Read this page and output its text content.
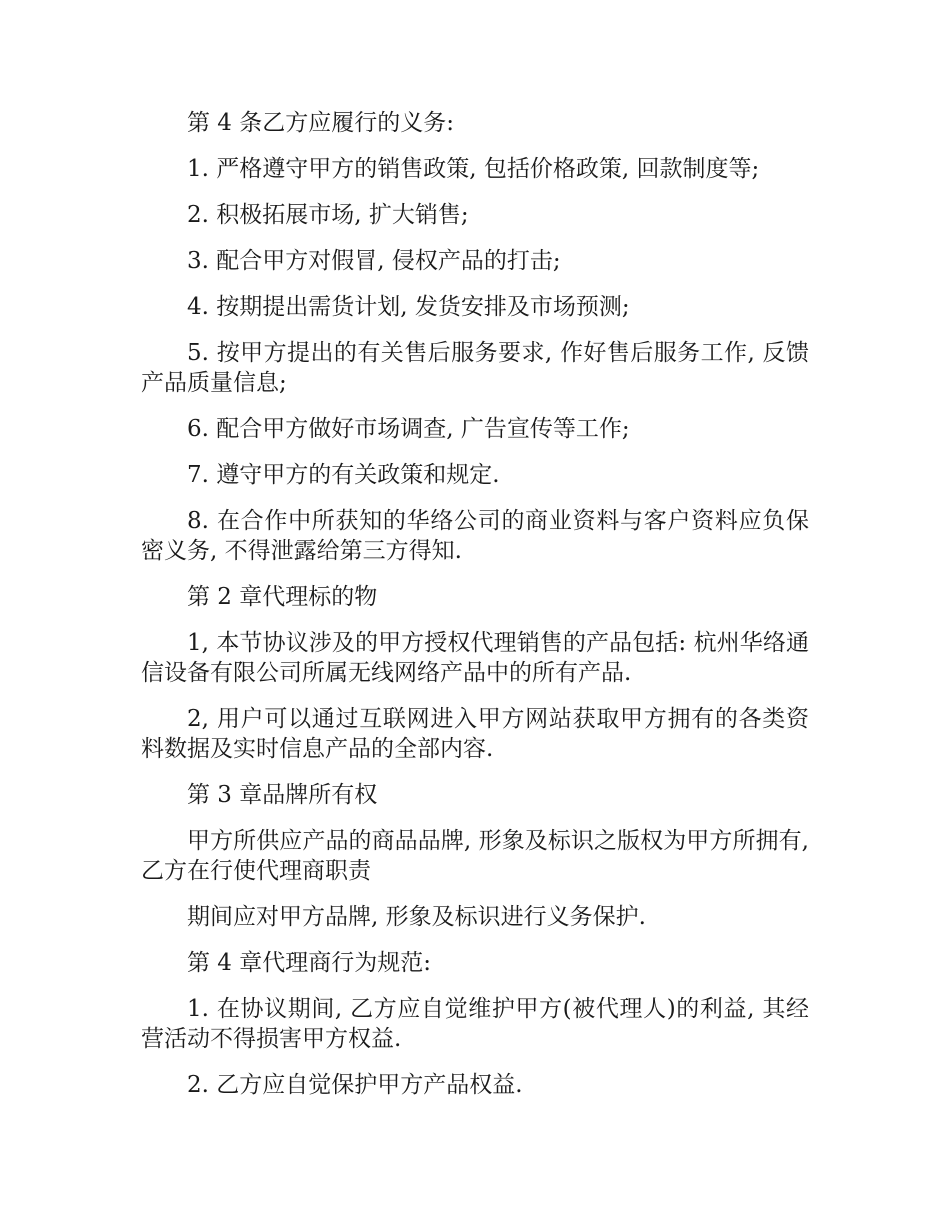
第 4 条乙方应履行的义务:

1. 严格遵守甲方的销售政策, 包括价格政策, 回款制度等;

2. 积极拓展市场, 扩大销售;

3. 配合甲方对假冒, 侵权产品的打击;

4. 按期提出需货计划, 发货安排及市场预测;

5. 按甲方提出的有关售后服务要求, 作好售后服务工作, 反馈产品质量信息;

6. 配合甲方做好市场调查, 广告宣传等工作;

7. 遵守甲方的有关政策和规定.

8. 在合作中所获知的华络公司的商业资料与客户资料应负保密义务, 不得泄露给第三方得知.

第 2 章代理标的物

1, 本节协议涉及的甲方授权代理销售的产品包括: 杭州华络通信设备有限公司所属无线网络产品中的所有产品.

2, 用户可以通过互联网进入甲方网站获取甲方拥有的各类资料数据及实时信息产品的全部内容.

第 3 章品牌所有权

甲方所供应产品的商品品牌, 形象及标识之版权为甲方所拥有, 乙方在行使代理商职责

期间应对甲方品牌, 形象及标识进行义务保护.

第 4 章代理商行为规范:

1. 在协议期间, 乙方应自觉维护甲方(被代理人)的利益, 其经营活动不得损害甲方权益.

2. 乙方应自觉保护甲方产品权益.
